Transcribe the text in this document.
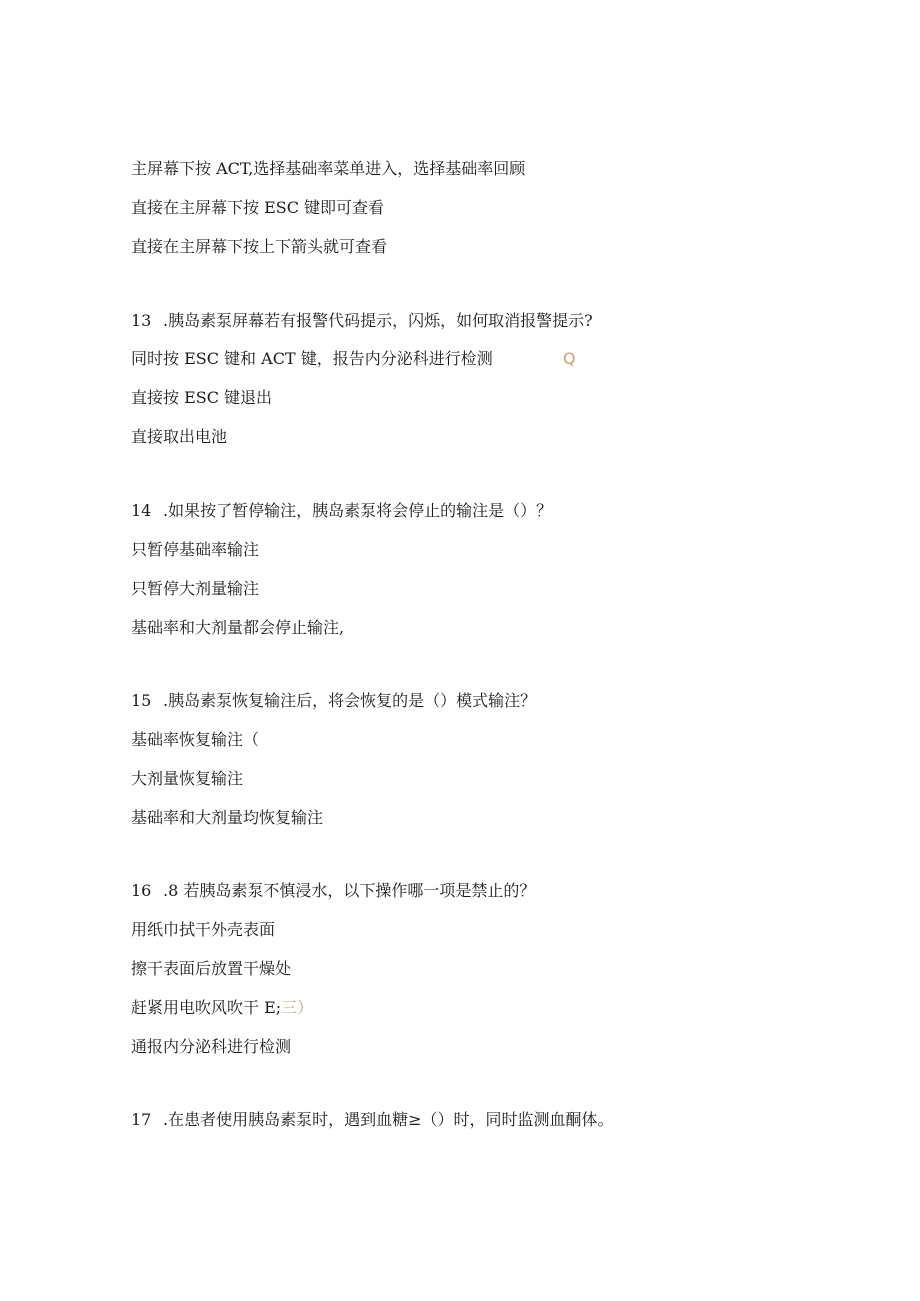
主屏幕下按 ACT,选择基础率菜单进入，选择基础率回顾
直接在主屏幕下按 ESC 键即可查看
直接在主屏幕下按上下箭头就可查看
13 .胰岛素泵屏幕若有报警代码提示，闪烁，如何取消报警提示?
同时按 ESC 键和 ACT 键，报告内分泌科进行检测	Q
直接按 ESC 键退出
直接取出电池
14 .如果按了暂停输注，胰岛素泵将会停止的输注是（）？
只暂停基础率输注
只暂停大剂量输注
基础率和大剂量都会停止输注,
15 .胰岛素泵恢复输注后，将会恢复的是（）模式输注？
基础率恢复输注（
大剂量恢复输注
基础率和大剂量均恢复输注
16 .8 若胰岛素泵不慎浸水，以下操作哪一项是禁止的？
用纸巾拭干外壳表面
擦干表面后放置干燥处
赶紧用电吹风吹干 E;三）
通报内分泌科进行检测
17 .在患者使用胰岛素泵时，遇到血糖≥（）时，同时监测血酮体。
